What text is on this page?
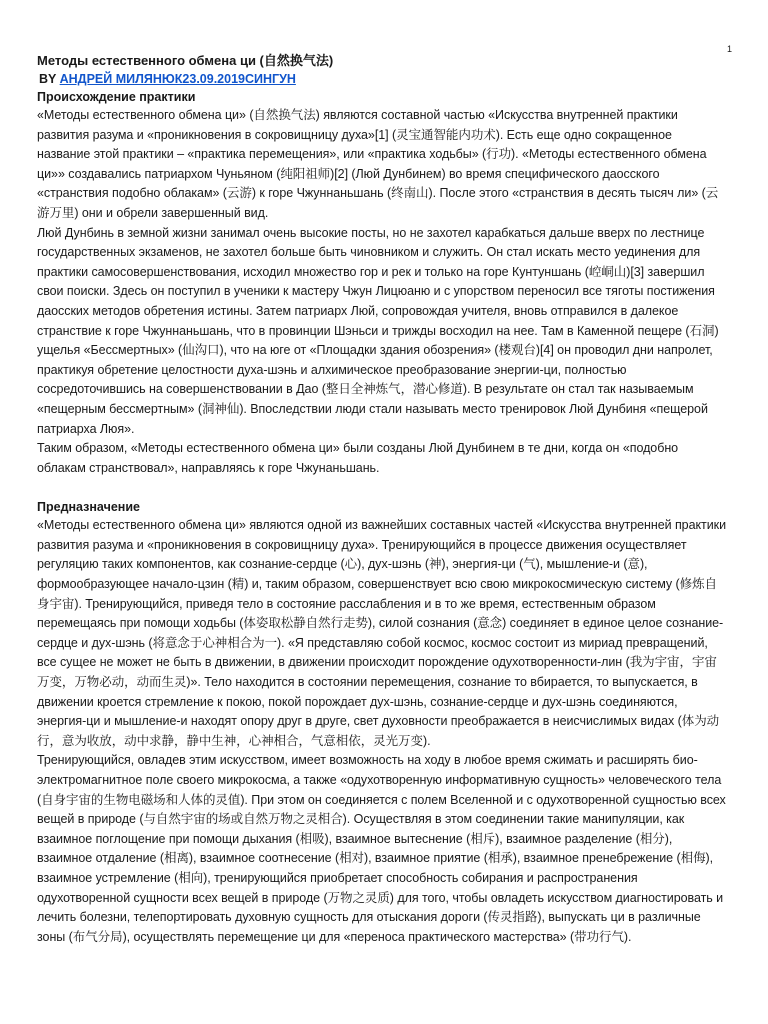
1
Методы естественного обмена ци (自然换气法)
BY АНДРЕЙ МИЛЯНЮК23.09.2019СИНГУН
Происхождение практики

«Методы естественного обмена ци» (自然换气法) являются составной частью «Искусства внутренней практики развития разума и «проникновения в сокровищницу духа»[1] (灵宝通智能内功术). Есть еще одно сокращенное название этой практики – «практика перемещения», или «практика ходьбы» (行功). «Методы естественного обмена ци»» создавались патриархом Чуньяном (纯阳祖师)[2] (Люй Дунбинем) во время специфического даосского «странствия подобно облакам» (云游) к горе Чжуннаньшань (终南山). После этого «странствия в десять тысяч ли» (云游万里) они и обрели завершенный вид.

Люй Дунбинь в земной жизни занимал очень высокие посты, но не захотел карабкаться дальше вверх по лестнице государственных экзаменов, не захотел больше быть чиновником и служить. Он стал искать место уединения для практики самосовершенствования, исходил множество гор и рек и только на горе Кунтуншань (崆峒山)[3] завершил свои поиски. Здесь он поступил в ученики к мастеру Чжун Лицюаню и с упорством переносил все тяготы постижения даосских методов обретения истины. Затем патриарх Люй, сопровождая учителя, вновь отправился в далекое странствие к горе Чжуннаньшань, что в провинции Шэньси и трижды восходил на нее. Там в Каменной пещере (石洞) ущелья «Бессмертных» (仙沟口), что на юге от «Площадки здания обозрения» (楼观台)[4] он проводил дни напролет, практикуя обретение целостности духа-шэнь и алхимическое преобразование энергии-ци, полностью сосредоточившись на совершенствовании в Дао (整日全神炼气，潜心修道). В результате он стал так называемым «пещерным бессмертным» (洞神仙). Впоследствии люди стали называть место тренировок Люй Дунбиня «пещерой патриарха Люя».

Таким образом, «Методы естественного обмена ци» были созданы Люй Дунбинем в те дни, когда он «подобно облакам странствовал», направляясь к горе Чжунаньшань.

Предназначение

«Методы естественного обмена ци» являются одной из важнейших составных частей «Искусства внутренней практики развития разума и «проникновения в сокровищницу духа». Тренирующийся в процессе движения осуществляет регуляцию таких компонентов, как сознание-сердце (心), дух-шэнь (神), энергия-ци (气), мышление-и (意), формообразующее начало-цзин (精) и, таким образом, совершенствует всю свою микрокосмическую систему (修炼自身宇宙). Тренирующийся, приведя тело в состояние расслабления и в то же время, естественным образом перемещаясь при помощи ходьбы (体姿取松静自然行走势), силой сознания (意念) соединяет в единое целое сознание-сердце и дух-шэнь (将意念于心神相合为一). «Я представляю собой космос, космос состоит из мириад превращений, все сущее не может не быть в движении, в движении происходит порождение одухотворенности-лин (我为宇宙，宇宙万变，万物必动，动而生灵)». Тело находится в состоянии перемещения, сознание то вбирается, то выпускается, в движении кроется стремление к покою, покой порождает дух-шэнь, сознание-сердце и дух-шэнь соединяются, энергия-ци и мышление-и находят опору друг в друге, свет духовности преображается в неисчислимых видах (体为动行，意为收放，动中求静，静中生神，心神相合，气意相依，灵光万变).

Тренирующийся, овладев этим искусством, имеет возможность на ходу в любое время сжимать и расширять био-электромагнитное поле своего микрокосма, а также «одухотворенную информативную сущность» человеческого тела (自身宇宙的生物电磁场和人体的灵值). При этом он соединяется с полем Вселенной и с одухотворенной сущностью всех вещей в природе (与自然宇宙的场或自然万物之灵相合). Осуществляя в этом соединении такие манипуляции, как взаимное поглощение при помощи дыхания (相吸), взаимное вытеснение (相斥), взаимное разделение (相分), взаимное отдаление (相离), взаимное соотнесение (相对), взаимное приятие (相承), взаимное пренебрежение (相侮), взаимное устремление (相向), тренирующийся приобретает способность собирания и распространения одухотворенной сущности всех вещей в природе (万物之灵质) для того, чтобы овладеть искусством диагностировать и лечить болезни, телепортировать духовную сущность для отыскания дороги (传灵指路), выпускать ци в различные зоны (布气分局), осуществлять перемещение ци для «переноса практического мастерства» (带功行气).
